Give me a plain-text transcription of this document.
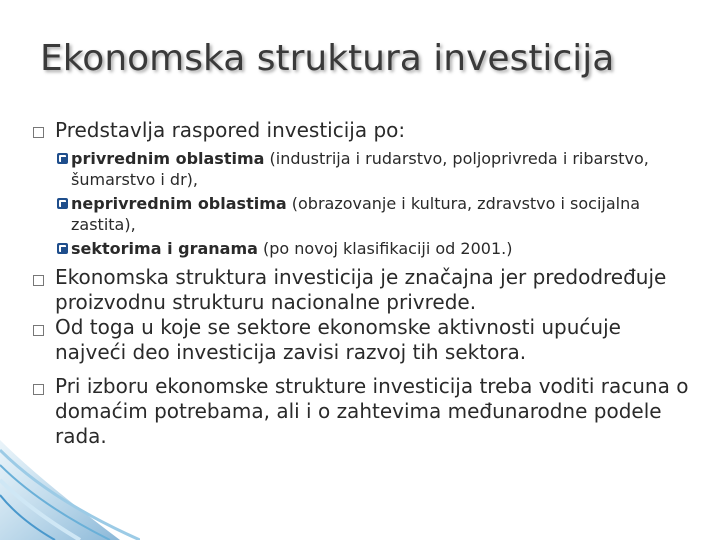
Ekonomska struktura investicija
Predstavlja raspored investicija po:
privrednim oblastima (industrija i rudarstvo, poljoprivreda i ribarstvo, šumarstvo i dr),
neprivrednim oblastima (obrazovanje i kultura, zdravstvo i socijalna zastita),
sektorima i granama (po novoj klasifikaciji od 2001.)
Ekonomska struktura investicija je značajna jer predodređuje proizvodnu strukturu nacionalne privrede.
Od toga u koje se sektore ekonomske aktivnosti upućuje najveći deo investicija zavisi razvoj tih sektora.
Pri izboru ekonomske strukture investicija treba voditi racuna o domaćim potrebama, ali i o zahtevima međunarodne podele rada.
